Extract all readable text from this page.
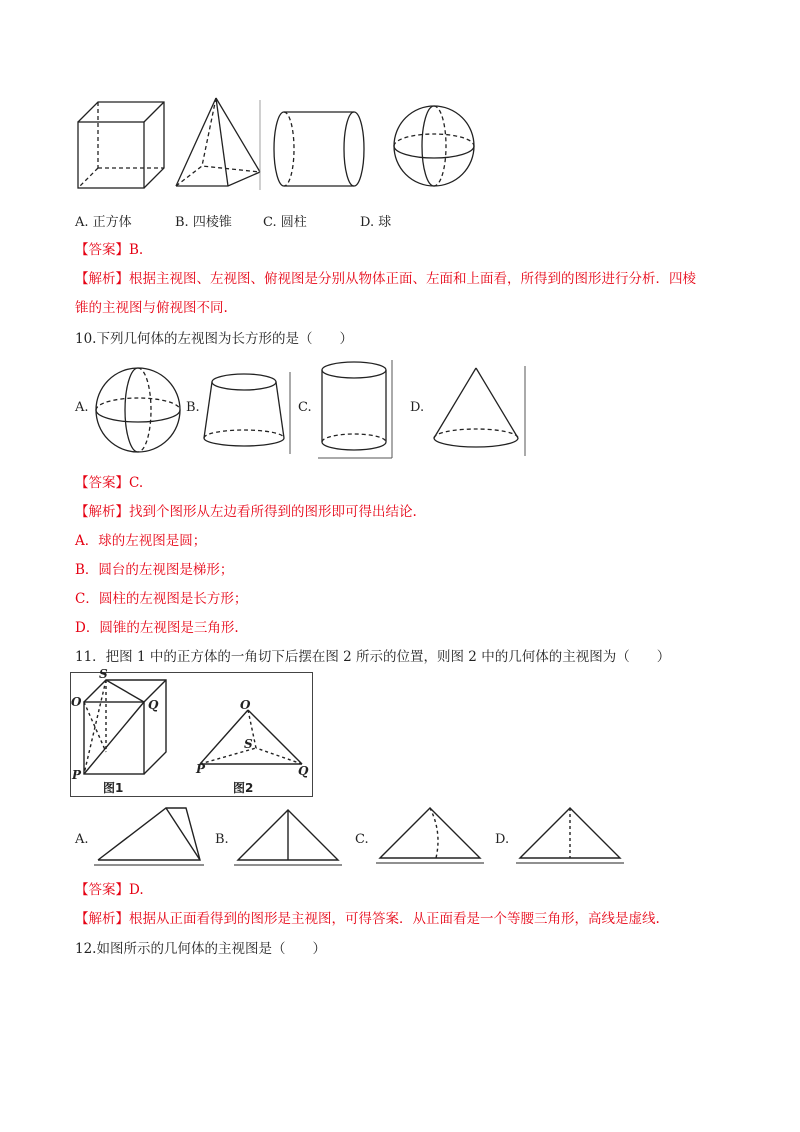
A. 正方体	B. 四棱锥 C. 圆柱	D. 球
【答案】B.
【解析】根据主视图、左视图、俯视图是分别从物体正面、左面和上面看，所得到的图形进行分析．四棱
锥的主视图与俯视图不同.
10.下列几何体的左视图为长方形的是（　　）
A.	B.	C.	D.
【答案】C.
【解析】找到个图形从左边看所得到的图形即可得出结论.
A．球的左视图是圆；
B．圆台的左视图是梯形；
C．圆柱的左视图是长方形；
D．圆锥的左视图是三角形.
11．把图 1 中的正方体的一角切下后摆在图 2 所示的位置，则图 2 中的几何体的主视图为（　　）
S
O	Q
P
O
S
P	Q
图1	图2
A.	B.	C.	D.
【答案】D.
【解析】根据从正面看得到的图形是主视图，可得答案．从正面看是一个等腰三角形，高线是虚线.
12.如图所示的几何体的主视图是（　　）
